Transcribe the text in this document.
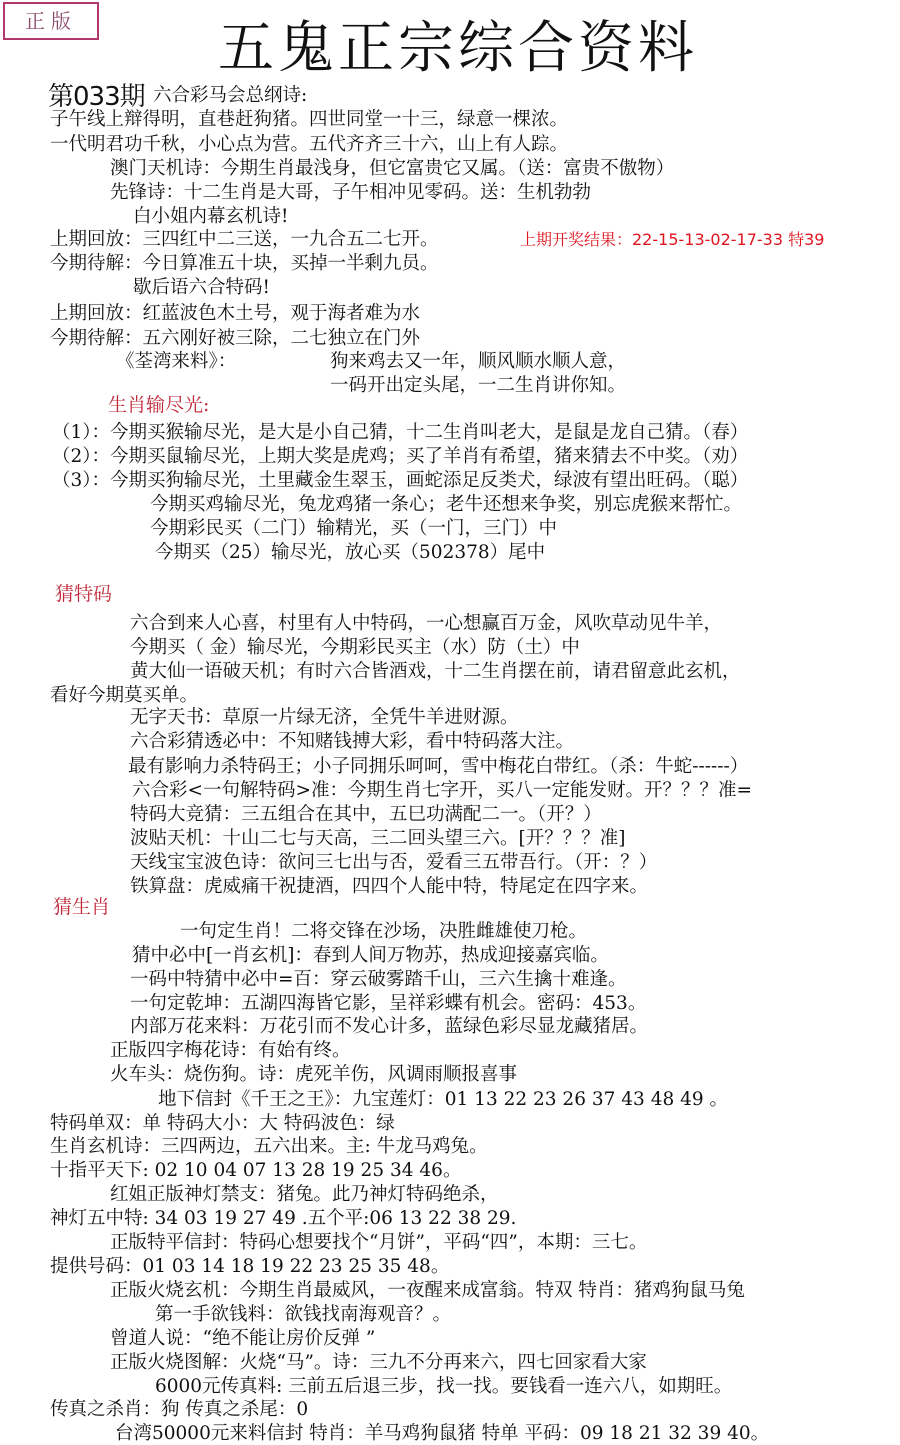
正版	五鬼正宗综合资料
第033期 六合彩马会总纲诗:
子午线上辩得明，直巷赶狗猪。四世同堂一十三，绿意一棵浓。
一代明君功千秋，小心点为营。五代齐齐三十六，山上有人踪。
澳门天机诗：今期生肖最浅身，但它富贵它又属。（送：富贵不傲物）
先锋诗：十二生肖是大哥，子午相冲见零码。送：生机勃勃
白小姐内幕玄机诗!
上期回放：三四红中二三送，一九合五二七开。
今期待解：今日算准五十块，买掉一半剩九员。
歇后语六合特码!
上期回放：红蓝波色木土号，观于海者难为水
今期待解：五六刚好被三除，二七独立在门外
《荃湾来料》：	狗来鸡去又一年，顺风顺水顺人意，
一码开出定头尾，一二生肖讲你知。
（1）：今期买猴输尽光，是大是小自己猜，十二生肖叫老大，是鼠是龙自己猜。（春）
（2）：今期买鼠输尽光，上期大奖是虎鸡；买了羊肖有希望，猪来猜去不中奖。（劝）
（3）：今期买狗输尽光，土里藏金生翠玉，画蛇添足反类犬，绿波有望出旺码。（聪）
今期买鸡输尽光，兔龙鸡猪一条心；老牛还想来争奖，别忘虎猴来帮忙。
今期彩民买（二门）输精光，买（一门，三门）中
今期买（25）输尽光，放心买（502378）尾中
六合到来人心喜，村里有人中特码，一心想赢百万金，风吹草动见牛羊，
今期买（ 金）输尽光，今期彩民买主（水）防（土）中
黄大仙一语破天机；有时六合皆酒戏，十二生肖摆在前，请君留意此玄机，
看好今期莫买单。
无字天书：草原一片绿无济，全凭牛羊进财源。
六合彩猜透必中：不知赌钱搏大彩，看中特码落大注。
最有影响力杀特码王；小子同拥乐呵呵，雪中梅花白带红。（杀：牛蛇------）
六合彩<一句解特码>准：今期生肖七字开，买八一定能发财。开？？？准=
特码大竞猜：三五组合在其中，五巳功满配二一。（开？）
波贴天机：十山二七与天高，三二回头望三六。[开？？？准]
天线宝宝波色诗：欲问三七出与否，爱看三五带吾行。（开：？）
铁算盘：虎威痛干祝捷酒，四四个人能中特，特尾定在四字来。
一句定生肖！二将交锋在沙场，决胜雌雄使刀枪。
猜中必中[一肖玄机]：春到人间万物苏，热成迎接嘉宾临。
一码中特猜中必中=百：穿云破雾踏千山，三六生擒十难逢。
一句定乾坤：五湖四海皆它影，呈祥彩蝶有机会。密码：453。
内部万花来料：万花引而不发心计多，蓝绿色彩尽显龙藏猪居。
正版四字梅花诗：有始有终。
火车头：烧伤狗。诗：虎死羊伤，风调雨顺报喜事
地下信封《千王之王》：九宝莲灯：01 13 22 23 26 37 43 48 49 。
特码单双：单 特码大小：大 特码波色：绿
生肖玄机诗：三四两边，五六出来。主: 牛龙马鸡兔。
十指平天下: 02 10 04 07 13 28 19 25 34 46。
红姐正版神灯禁支：猪兔。此乃神灯特码绝杀，
神灯五中特: 34 03 19 27 49 .五个平:06 13 22 38 29.
正版特平信封：特码心想要找个“月饼”，平码“四”，本期：三七。
提供号码：01 03 14 18 19 22 23 25 35 48。
正版火烧玄机：今期生肖最威风，一夜醒来成富翁。特双 特肖：猪鸡狗鼠马兔
第一手欲钱料：欲钱找南海观音？。
曾道人说：“绝不能让房价反弹 ”
正版火烧图解：火烧“马”。诗：三九不分再来六，四七回家看大家
6000元传真料: 三前五后退三步，找一找。要钱看一连六八，如期旺。
传真之杀肖：狗 传真之杀尾：0
台湾50000元来料信封 特肖：羊马鸡狗鼠猪 特单 平码：09 18 21 32 39 40。
上期开奖结果：22-15-13-02-17-33 特39
生肖输尽光:
猜特码
猜生肖
